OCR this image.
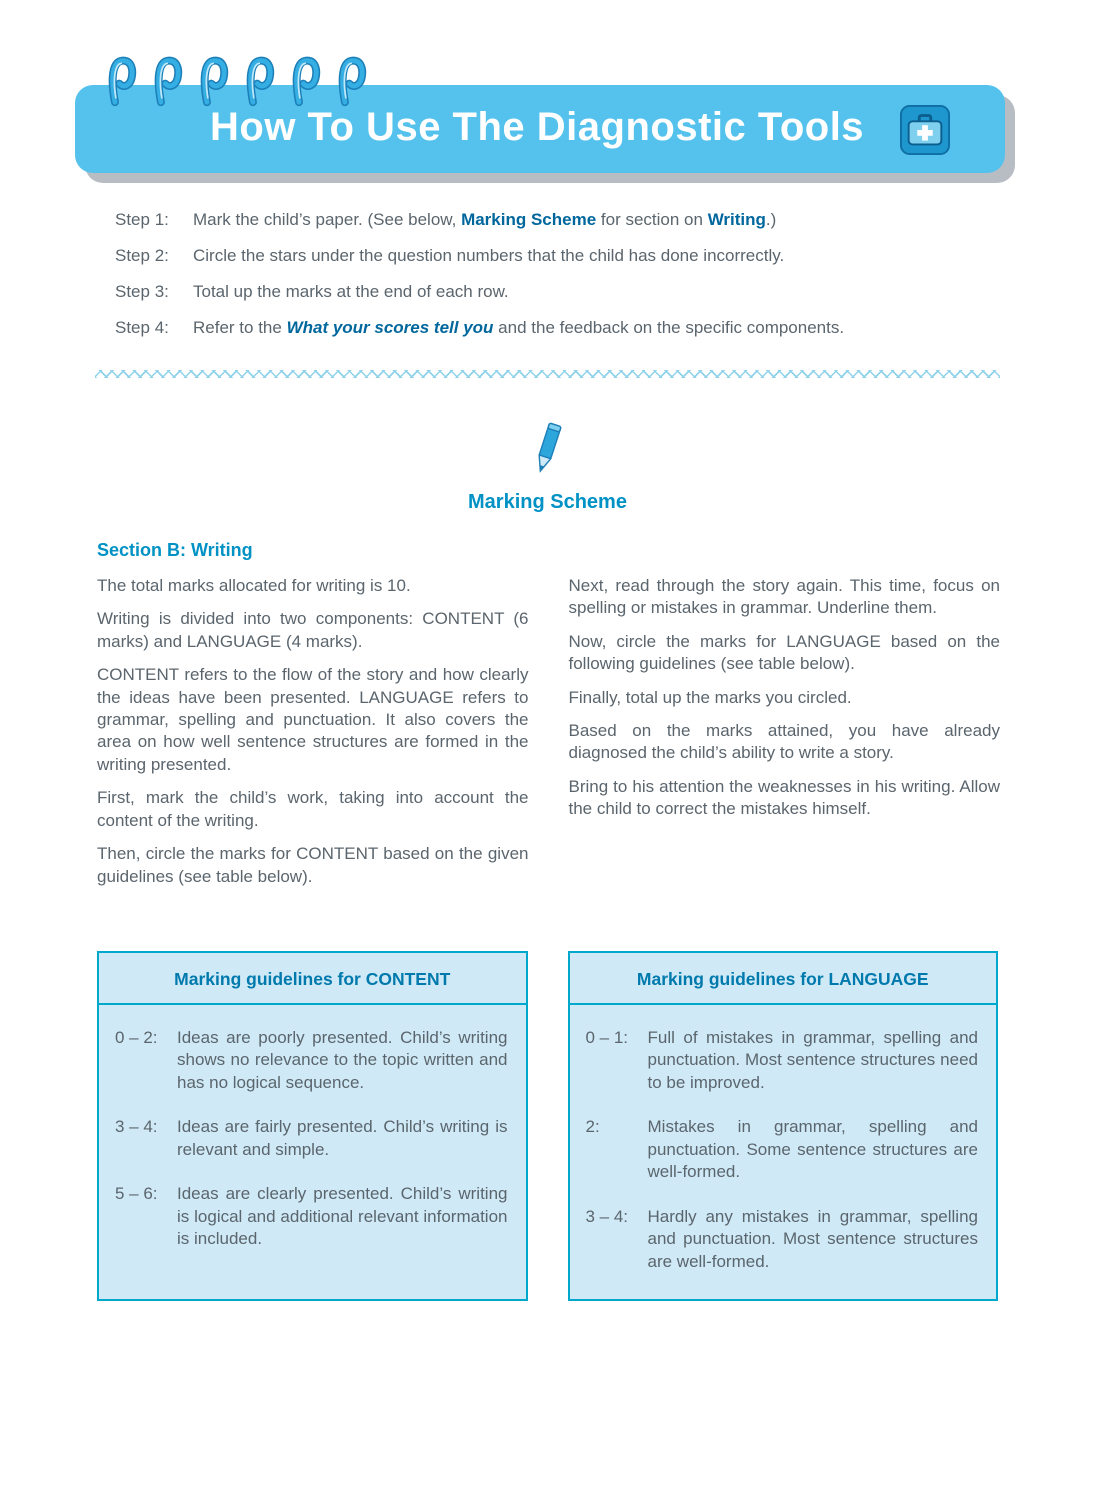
How To Use The Diagnostic Tools
Step 1:	Mark the child’s paper. (See below, Marking Scheme for section on Writing.)

Step 2:	Circle the stars under the question numbers that the child has done incorrectly.

Step 3:	Total up the marks at the end of each row.

Step 4:	Refer to the What your scores tell you and the feedback on the specific components.

Marking Scheme
Section B: Writing

The total marks allocated for writing is 10.

Writing is divided into two components: CONTENT (6 marks) and LANGUAGE (4 marks).

CONTENT refers to the flow of the story and how clearly the ideas have been presented. LANGUAGE refers to grammar, spelling and punctuation. It also covers the area on how well sentence structures are formed in the writing presented.

First, mark the child’s work, taking into account the content of the writing.

Then, circle the marks for CONTENT based on the given guidelines (see table below).

Next, read through the story again. This time, focus on spelling or mistakes in grammar. Underline them.

Now, circle the marks for LANGUAGE based on the following guidelines (see table below).

Finally, total up the marks you circled.

Based on the marks attained, you have already diagnosed the child’s ability to write a story.

Bring to his attention the weaknesses in his writing. Allow the child to correct the mistakes himself.

Marking guidelines for CONTENT
0 – 2:	Ideas are poorly presented. Child’s writing shows no relevance to the topic written and has no logical sequence.

3 – 4:	Ideas are fairly presented. Child’s writing is relevant and simple.

5 – 6:	Ideas are clearly presented. Child’s writing is logical and additional relevant information is included.

Marking guidelines for LANGUAGE
0 – 1:	Full of mistakes in grammar, spelling and punctuation. Most sentence structures need to be improved.

2:	Mistakes in grammar, spelling and punctuation. Some sentence structures are well-formed.

3 – 4:	Hardly any mistakes in grammar, spelling and punctuation. Most sentence structures are well-formed.
